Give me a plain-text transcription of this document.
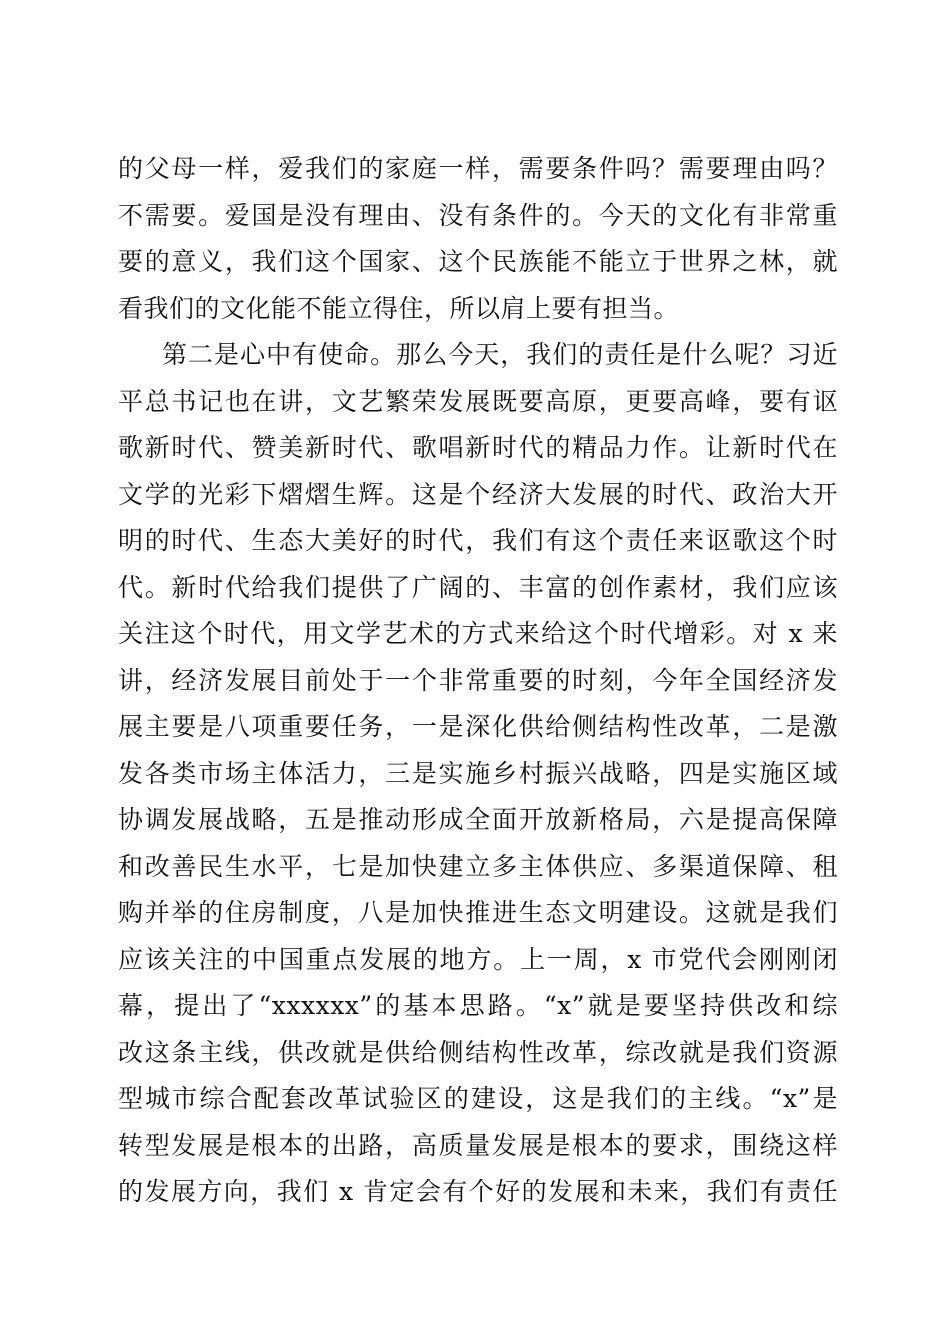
的父母一样，爱我们的家庭一样，需要条件吗？需要理由吗？
不需要。爱国是没有理由、没有条件的。今天的文化有非常重
要的意义，我们这个国家、这个民族能不能立于世界之林，就
看我们的文化能不能立得住，所以肩上要有担当。
第二是心中有使命。那么今天，我们的责任是什么呢？习近
平总书记也在讲，文艺繁荣发展既要高原，更要高峰，要有讴
歌新时代、赞美新时代、歌唱新时代的精品力作。让新时代在
文学的光彩下熠熠生辉。这是个经济大发展的时代、政治大开
明的时代、生态大美好的时代，我们有这个责任来讴歌这个时
代。新时代给我们提供了广阔的、丰富的创作素材，我们应该
关注这个时代，用文学艺术的方式来给这个时代增彩。对 x 来
讲，经济发展目前处于一个非常重要的时刻，今年全国经济发
展主要是八项重要任务，一是深化供给侧结构性改革，二是激
发各类市场主体活力，三是实施乡村振兴战略，四是实施区域
协调发展战略，五是推动形成全面开放新格局，六是提高保障
和改善民生水平，七是加快建立多主体供应、多渠道保障、租
购并举的住房制度，八是加快推进生态文明建设。这就是我们
应该关注的中国重点发展的地方。上一周，x 市党代会刚刚闭
幕，提出了“xxxxxx”的基本思路。“x”就是要坚持供改和综
改这条主线，供改就是供给侧结构性改革，综改就是我们资源
型城市综合配套改革试验区的建设，这是我们的主线。“x”是
转型发展是根本的出路，高质量发展是根本的要求，围绕这样
的发展方向，我们 x 肯定会有个好的发展和未来，我们有责任
